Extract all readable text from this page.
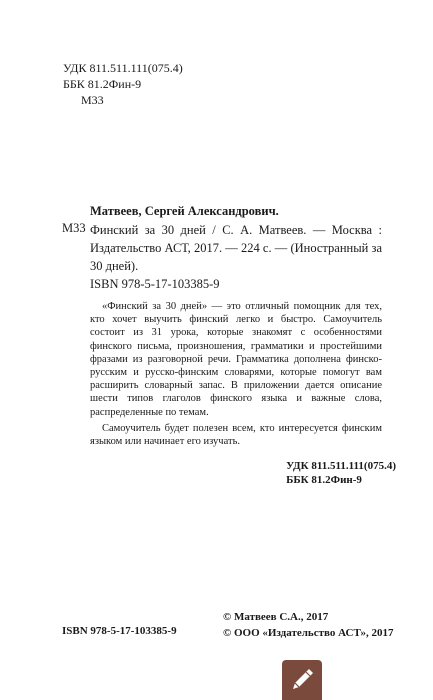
УДК 811.511.111(075.4)
ББК 81.2Фин-9
М33
Матвеев, Сергей Александрович.
М33 Финский за 30 дней / С. А. Матвеев. — Москва : Издательство АСТ, 2017. — 224 с. — (Иностранный за 30 дней).
ISBN 978-5-17-103385-9

«Финский за 30 дней» — это отличный помощник для тех, кто хочет выучить финский легко и быстро. Самоучитель состоит из 31 урока, которые знакомят с особенностями финского письма, произношения, грамматики и простейшими фразами из разговорной речи. Грамматика дополнена финско-русским и русско-финским словарями, которые помогут вам расширить словарный запас. В приложении дается описание шести типов глаголов финского языка и важные слова, распределенные по темам.

Самоучитель будет полезен всем, кто интересуется финским языком или начинает его изучать.

УДК 811.511.111(075.4)
ББК 81.2Фин-9
ISBN 978-5-17-103385-9
© Матвеев С.А., 2017
© ООО «Издательство АСТ», 2017
